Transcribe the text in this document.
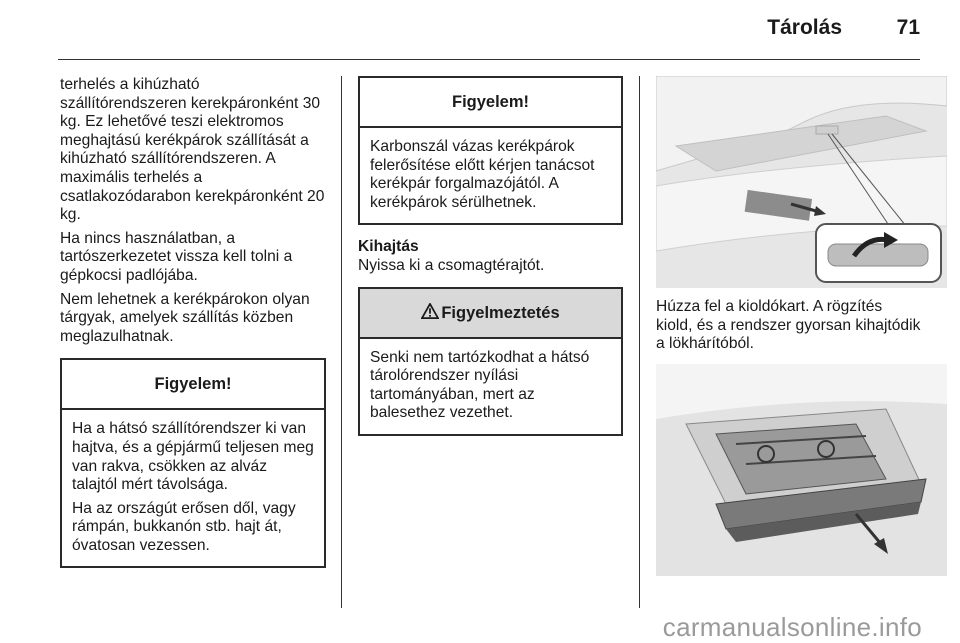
Tárolás	71

terhelés a kihúzható szállítórendszeren kerekpáronként 30 kg. Ez lehetővé teszi elektromos meghajtású kerékpárok szállítását a kihúzható szállítórendszeren. A maximális terhelés a csatlakozódarabon kerekpáronként 20 kg.

Ha nincs használatban, a tartószerkezetet vissza kell tolni a gépkocsi padlójába.

Nem lehetnek a kerékpárokon olyan tárgyak, amelyek szállítás közben meglazulhatnak.

Figyelem!

Ha a hátsó szállítórendszer ki van hajtva, és a gépjármű teljesen meg van rakva, csökken az alváz talajtól mért távolsága.

Ha az országút erősen dől, vagy rámpán, bukkanón stb. hajt át, óvatosan vezessen.

Figyelem!

Karbonszál vázas kerékpárok felerősítése előtt kérjen tanácsot kerékpár forgalmazójától. A kerékpárok sérülhetnek.

Kihajtás

Nyissa ki a csomagtérajtót.

Figyelmeztetés

Senki nem tartózkodhat a hátsó tárolórendszer nyílási tartományában, mert az balesethez vezethet.

Húzza fel a kioldókart. A rögzítés kiold, és a rendszer gyorsan kihajtódik a lökhárítóból.

carmanualsonline.info
